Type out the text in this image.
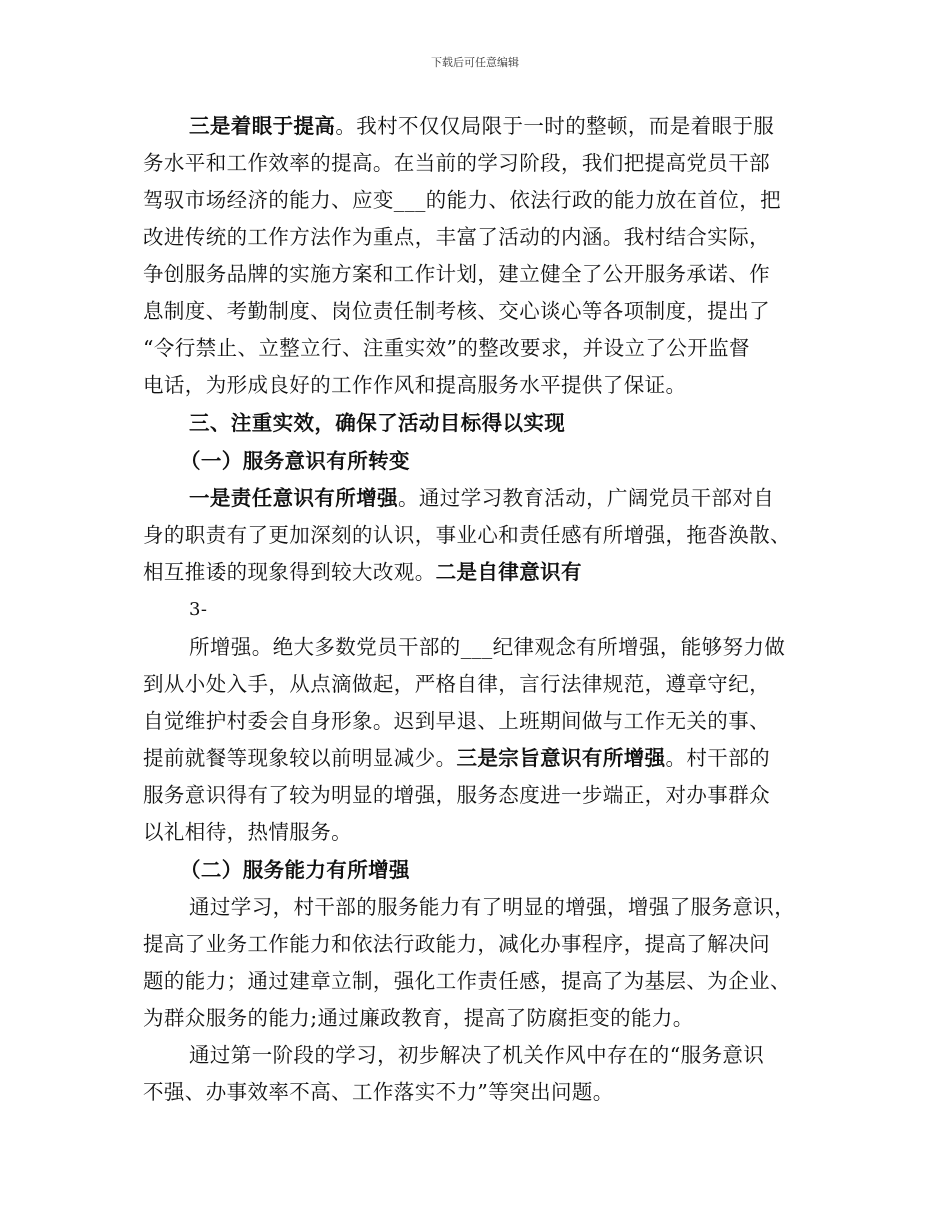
下载后可任意编辑
三是着眼于提高。我村不仅仅局限于一时的整顿，而是着眼于服
务水平和工作效率的提高。在当前的学习阶段，我们把提高党员干部
驾驭市场经济的能力、应变___的能力、依法行政的能力放在首位，把
改进传统的工作方法作为重点，丰富了活动的内涵。我村结合实际，
争创服务品牌的实施方案和工作计划，建立健全了公开服务承诺、作
息制度、考勤制度、岗位责任制考核、交心谈心等各项制度，提出了
“令行禁止、立整立行、注重实效”的整改要求，并设立了公开监督
电话，为形成良好的工作作风和提高服务水平提供了保证。
三、注重实效，确保了活动目标得以实现
（一）服务意识有所转变
一是责任意识有所增强。通过学习教育活动，广阔党员干部对自
身的职责有了更加深刻的认识，事业心和责任感有所增强，拖沓涣散、
相互推诿的现象得到较大改观。二是自律意识有
3-
所增强。绝大多数党员干部的___纪律观念有所增强，能够努力做
到从小处入手，从点滴做起，严格自律，言行法律规范，遵章守纪，
自觉维护村委会自身形象。迟到早退、上班期间做与工作无关的事、
提前就餐等现象较以前明显减少。三是宗旨意识有所增强。村干部的
服务意识得有了较为明显的增强，服务态度进一步端正，对办事群众
以礼相待，热情服务。
（二）服务能力有所增强
通过学习，村干部的服务能力有了明显的增强，增强了服务意识，
提高了业务工作能力和依法行政能力，减化办事程序，提高了解决问
题的能力；通过建章立制，强化工作责任感，提高了为基层、为企业、
为群众服务的能力;通过廉政教育，提高了防腐拒变的能力。
通过第一阶段的学习，初步解决了机关作风中存在的“服务意识
不强、办事效率不高、工作落实不力”等突出问题。
